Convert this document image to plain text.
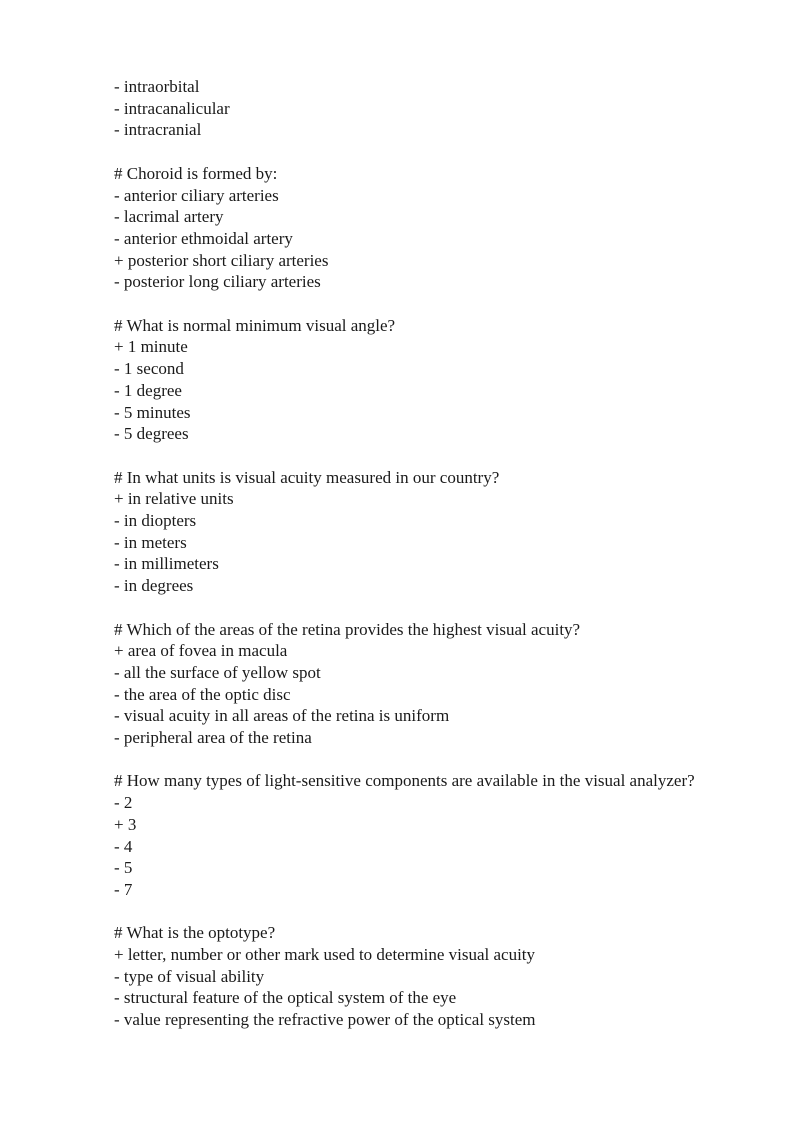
- intraorbital
- intracanalicular
- intracranial
# Choroid is formed by:
- anterior ciliary arteries
- lacrimal artery
- anterior ethmoidal artery
+ posterior short ciliary arteries
- posterior long ciliary arteries
# What is normal minimum visual angle?
+ 1 minute
- 1 second
- 1 degree
- 5 minutes
- 5 degrees
# In what units is visual acuity measured in our country?
+ in relative units
- in diopters
- in meters
- in millimeters
- in degrees
# Which of the areas of the retina provides the highest visual acuity?
+ area of fovea in macula
- all the surface of yellow spot
- the area of the optic disc
- visual acuity in all areas of the retina is uniform
- peripheral area of the retina
# How many types of light-sensitive components are available in the visual analyzer?
- 2
+ 3
- 4
- 5
- 7
# What is the optotype?
+ letter, number or other mark used to determine visual acuity
- type of visual ability
- structural feature of the optical system of the eye
- value representing the refractive power of the optical system
